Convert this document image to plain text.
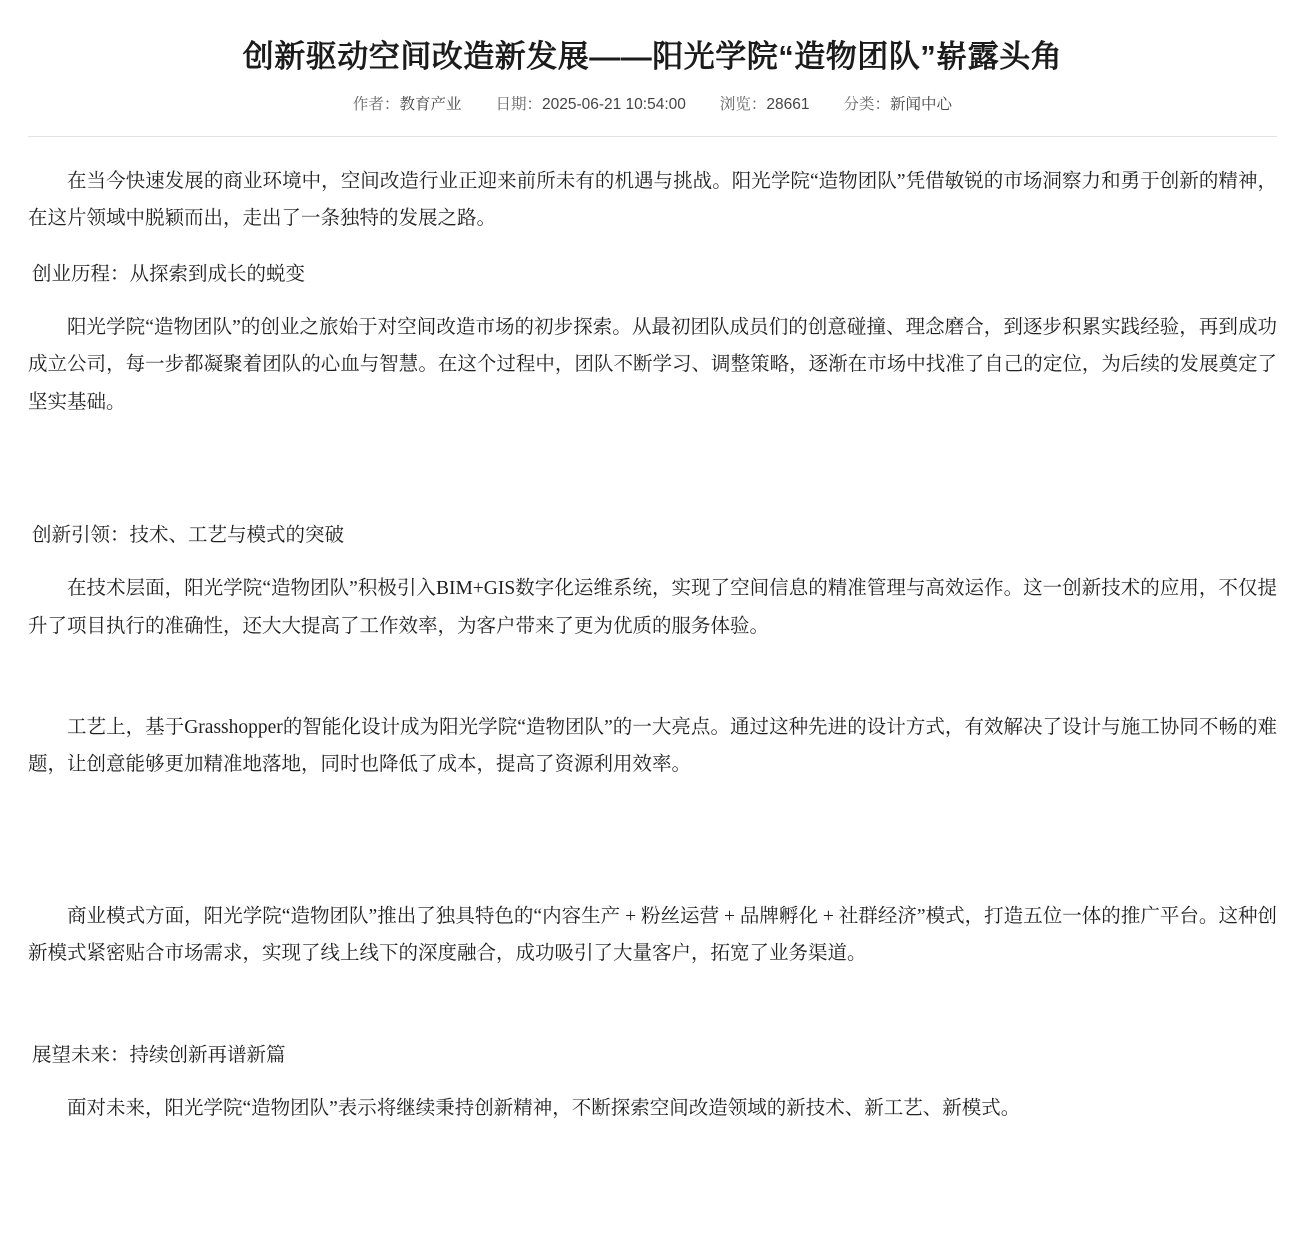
创新驱动空间改造新发展——阳光学院“造物团队”崭露头角
作者：教育产业 日期：2025-06-21 10:54:00 浏览：28661 分类：新闻中心

在当今快速发展的商业环境中，空间改造行业正迎来前所未有的机遇与挑战。阳光学院“造物团队”凭借敏锐的市场洞察力和勇于创新的精神，在这片领域中脱颖而出，走出了一条独特的发展之路。

创业历程：从探索到成长的蜕变

阳光学院“造物团队”的创业之旅始于对空间改造市场的初步探索。从最初团队成员们的创意碰撞、理念磨合，到逐步积累实践经验，再到成功成立公司，每一步都凝聚着团队的心血与智慧。在这个过程中，团队不断学习、调整策略，逐渐在市场中找准了自己的定位，为后续的发展奠定了坚实基础。

创新引领：技术、工艺与模式的突破

在技术层面，阳光学院“造物团队”积极引入BIM+GIS数字化运维系统，实现了空间信息的精准管理与高效运作。这一创新技术的应用，不仅提升了项目执行的准确性，还大大提高了工作效率，为客户带来了更为优质的服务体验。

工艺上，基于Grasshopper的智能化设计成为阳光学院“造物团队”的一大亮点。通过这种先进的设计方式，有效解决了设计与施工协同不畅的难题，让创意能够更加精准地落地，同时也降低了成本，提高了资源利用效率。

商业模式方面，阳光学院“造物团队”推出了独具特色的“内容生产 + 粉丝运营 + 品牌孵化 + 社群经济”模式，打造五位一体的推广平台。这种创新模式紧密贴合市场需求，实现了线上线下的深度融合，成功吸引了大量客户，拓宽了业务渠道。

展望未来：持续创新再谱新篇

面对未来，阳光学院“造物团队”表示将继续秉持创新精神，不断探索空间改造领域的新技术、新工艺、新模式。
